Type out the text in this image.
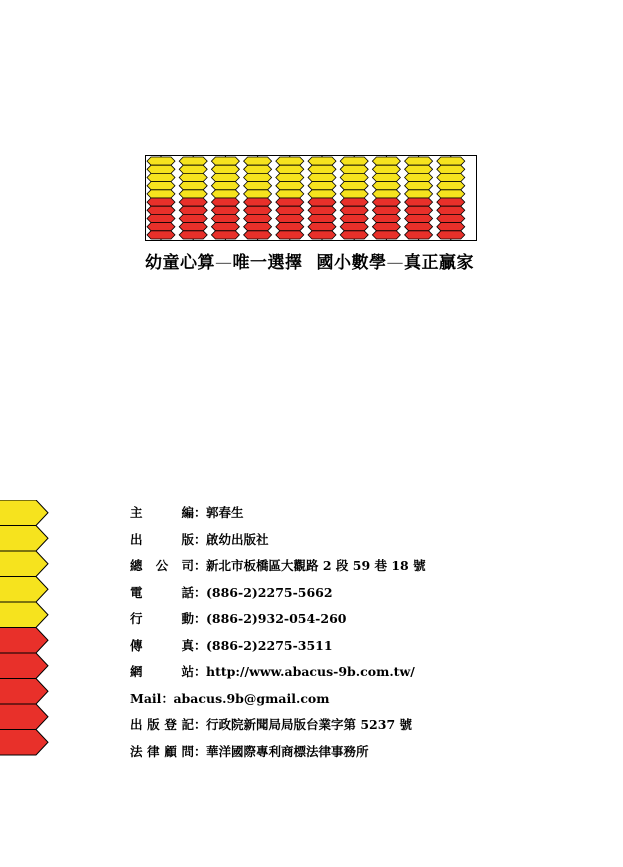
幼童心算—唯一選擇 國小數學—真正贏家
主　編 ： 郭春生
出　版 ： 啟幼出版社
總 公 司 ： 新北市板橋區大觀路 2 段 59 巷 18 號
電　話 ： (886-2)2275-5662
行　動 ： (886-2)932-054-260
傳　真 ： (886-2)2275-3511
網　站 ： http://www.abacus-9b.com.tw/
Mail ： abacus.9b@gmail.com
出版登記 ： 行政院新聞局局版台業字第 5237 號
法律顧問 ： 華洋國際專利商標法律事務所
